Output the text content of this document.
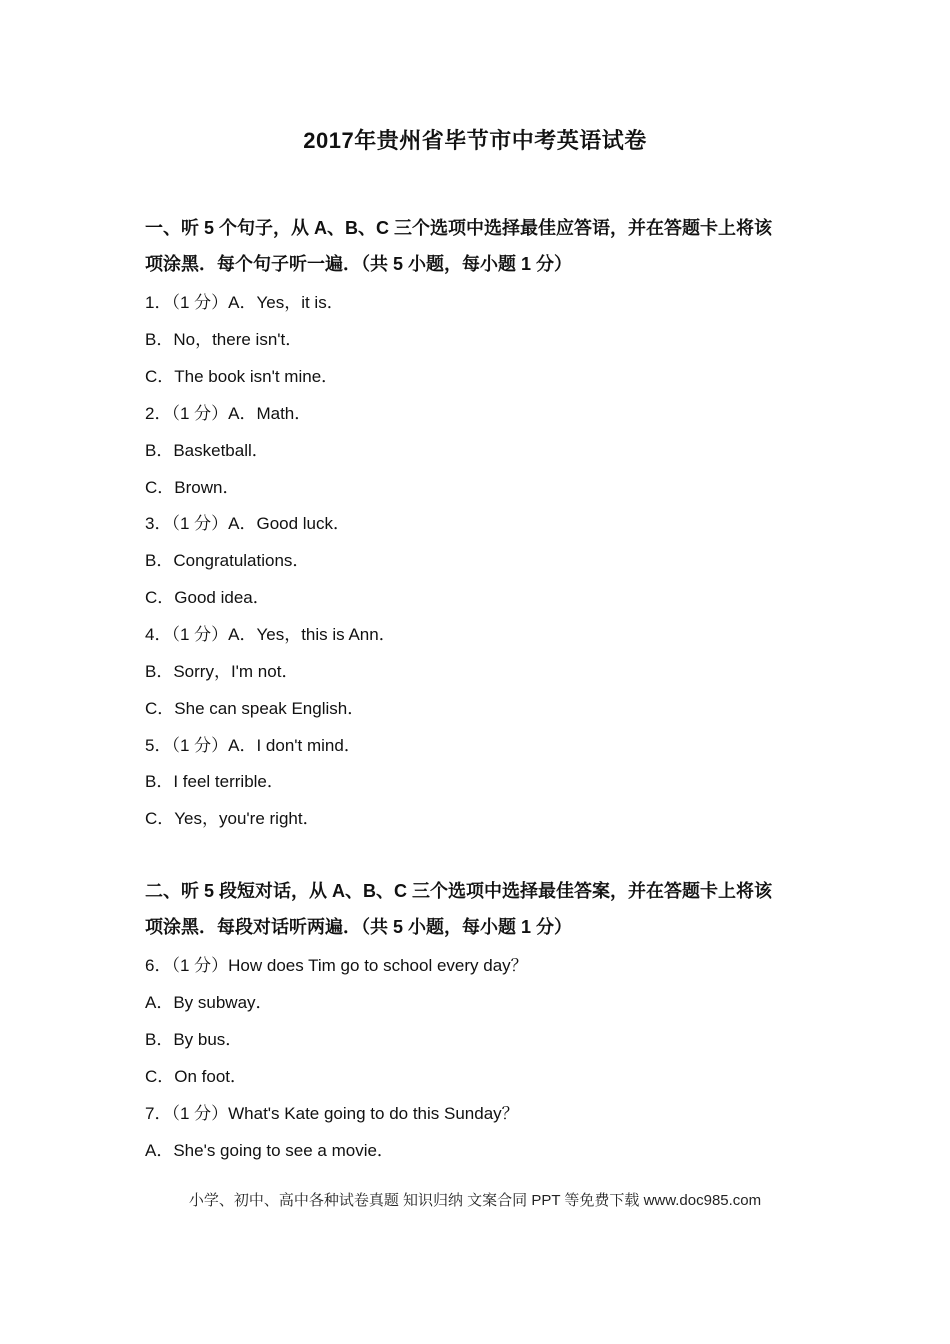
2017年贵州省毕节市中考英语试卷
一、听 5 个句子，从 A、B、C 三个选项中选择最佳应答语，并在答题卡上将该
项涂黑．每个句子听一遍．（共 5 小题，每小题 1 分）
1．（1 分）A．Yes，it is．
B．No，there isn't．
C．The book isn't mine．
2．（1 分）A．Math．
B．Basketball．
C．Brown．
3．（1 分）A．Good luck．
B．Congratulations．
C．Good idea．
4．（1 分）A．Yes，this is Ann．
B．Sorry，I'm not．
C．She can speak English．
5．（1 分）A．I don't mind．
B．I feel terrible．
C．Yes，you're right．
二、听 5 段短对话，从 A、B、C 三个选项中选择最佳答案，并在答题卡上将该
项涂黑．每段对话听两遍．（共 5 小题，每小题 1 分）
6．（1 分）How does Tim go to school every day？
A．By subway．
B．By bus．
C．On foot．
7．（1 分）What's Kate going to do this Sunday？
A．She's going to see a movie．
小学、初中、高中各种试卷真题 知识归纳 文案合同 PPT 等免费下载 www.doc985.com
